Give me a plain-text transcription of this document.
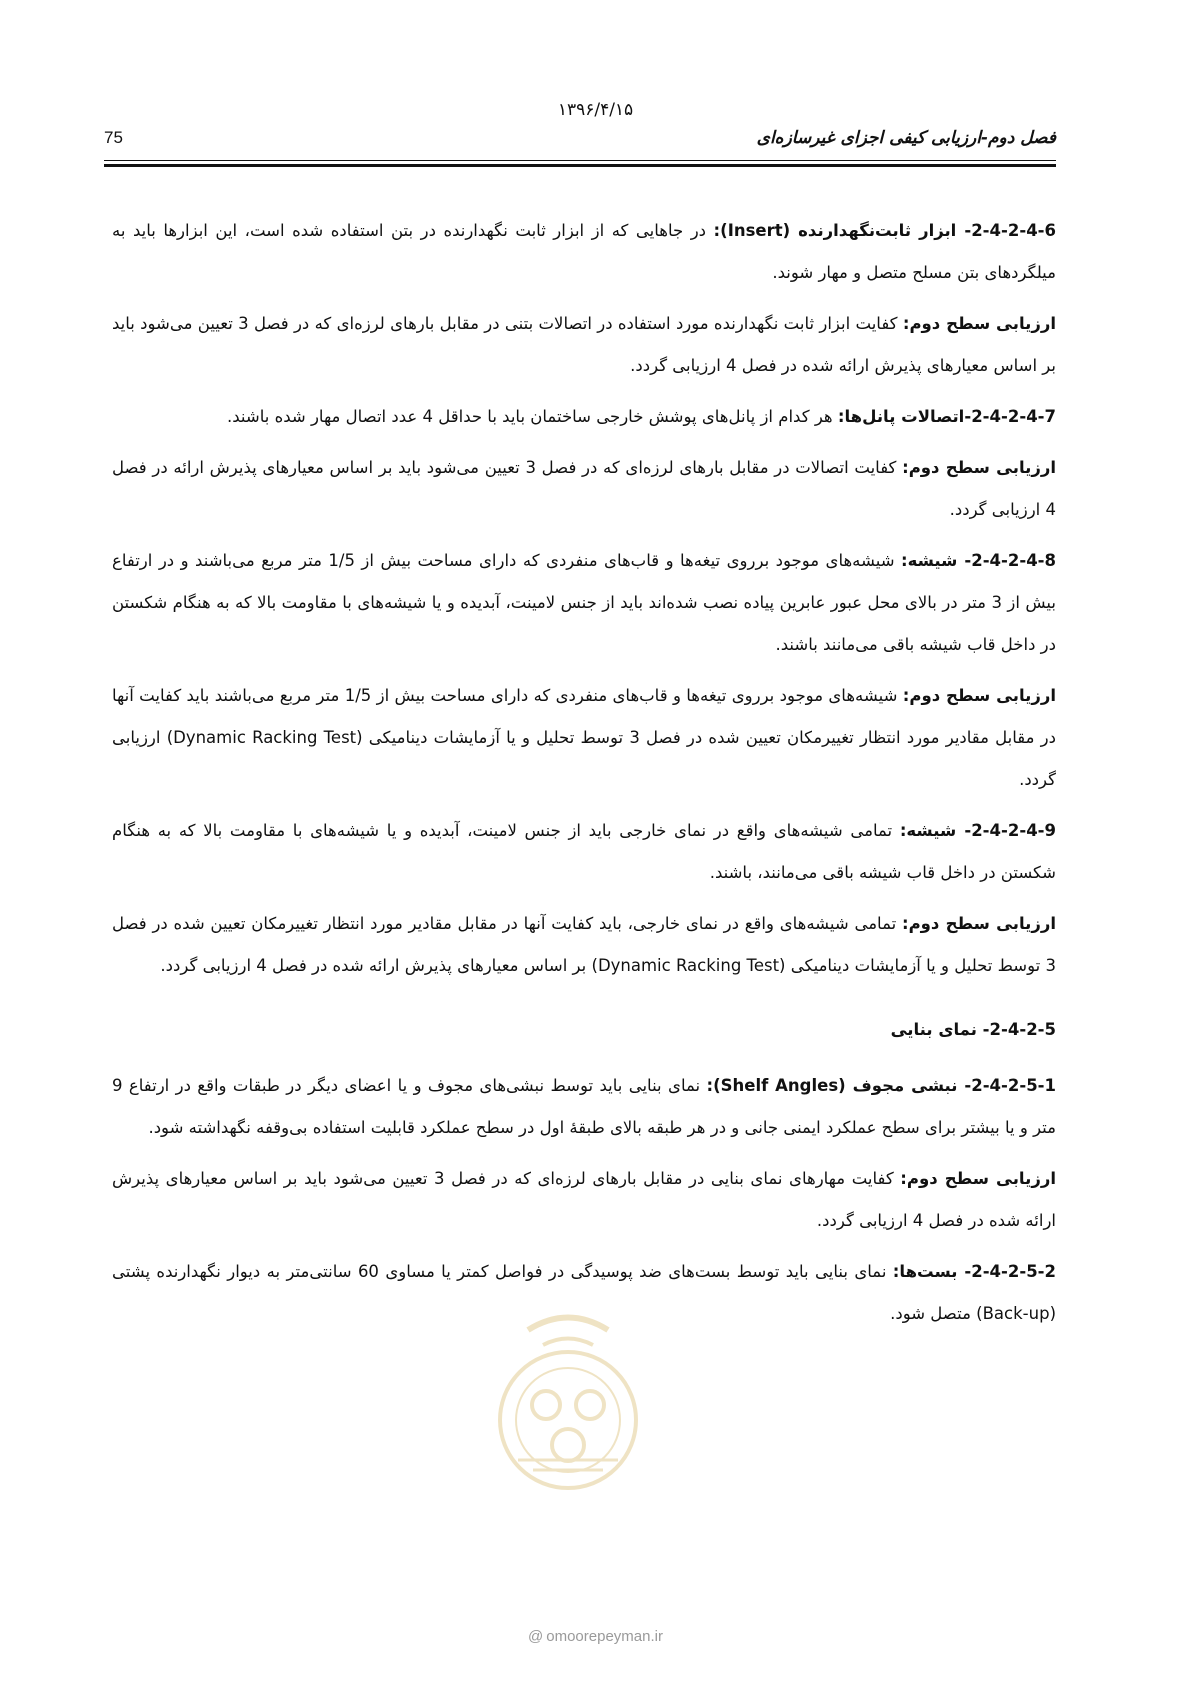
۱۳۹۶/۴/۱۵
فصل دوم-ارزیابی کیفی اجزای غیرسازه‌ای
75

2-4-2-4-6- ابزار ثابت‌نگهدارنده (Insert): در جاهایی که از ابزار ثابت نگهدارنده در بتن استفاده شده است، این ابزارها باید به میلگردهای بتن مسلح متصل و مهار شوند.

ارزیابی سطح دوم: کفایت ابزار ثابت نگهدارنده مورد استفاده در اتصالات بتنی در مقابل بارهای لرزه‌ای که در فصل 3 تعیین می‌شود باید بر اساس معیارهای پذیرش ارائه شده در فصل 4 ارزیابی گردد.

2-4-2-4-7-اتصالات پانل‌ها: هر کدام از پانل‌های پوشش خارجی ساختمان باید با حداقل 4 عدد اتصال مهار شده باشند.

ارزیابی سطح دوم: کفایت اتصالات در مقابل بارهای لرزه‌ای که در فصل 3 تعیین می‌شود باید بر اساس معیارهای پذیرش ارائه در فصل 4 ارزیابی گردد.

2-4-2-4-8- شیشه: شیشه‌های موجود برروی تیغه‌ها و قاب‌های منفردی که دارای مساحت بیش از 1/5 متر مربع می‌باشند و در ارتفاع بیش از 3 متر در بالای محل عبور عابرین پیاده نصب شده‌اند باید از جنس لامینت، آبدیده و یا شیشه‌های با مقاومت بالا که به هنگام شکستن در داخل قاب شیشه باقی می‌مانند باشند.

ارزیابی سطح دوم: شیشه‌های موجود برروی تیغه‌ها و قاب‌های منفردی که دارای مساحت بیش از 1/5 متر مربع می‌باشند باید کفایت آنها در مقابل مقادیر مورد انتظار تغییرمکان تعیین شده در فصل 3 توسط تحلیل و یا آزمایشات دینامیکی (Dynamic Racking Test) ارزیابی گردد.

2-4-2-4-9- شیشه: تمامی شیشه‌های واقع در نمای خارجی باید از جنس لامینت، آبدیده و یا شیشه‌های با مقاومت بالا که به هنگام شکستن در داخل قاب شیشه باقی می‌مانند، باشند.

ارزیابی سطح دوم: تمامی شیشه‌های واقع در نمای خارجی، باید کفایت آنها در مقابل مقادیر مورد انتظار تغییرمکان تعیین شده در فصل 3 توسط تحلیل و یا آزمایشات دینامیکی (Dynamic Racking Test) بر اساس معیارهای پذیرش ارائه شده در فصل 4 ارزیابی گردد.

2-4-2-5- نمای بنایی

2-4-2-5-1- نبشی مجوف (Shelf Angles): نمای بنایی باید توسط نبشی‌های مجوف و یا اعضای دیگر در طبقات واقع در ارتفاع 9 متر و یا بیشتر برای سطح عملکرد ایمنی جانی و در هر طبقه بالای طبقهٔ اول در سطح عملکرد قابلیت استفاده بی‌وقفه نگهداشته شود.

ارزیابی سطح دوم: کفایت مهارهای نمای بنایی در مقابل بارهای لرزه‌ای که در فصل 3 تعیین می‌شود باید بر اساس معیارهای پذیرش ارائه شده در فصل 4 ارزیابی گردد.

2-4-2-5-2- بست‌ها: نمای بنایی باید توسط بست‌های ضد پوسیدگی در فواصل کمتر یا مساوی 60 سانتی‌متر به دیوار نگهدارنده پشتی (Back-up) متصل شود.

@ omoorepeyman.ir
